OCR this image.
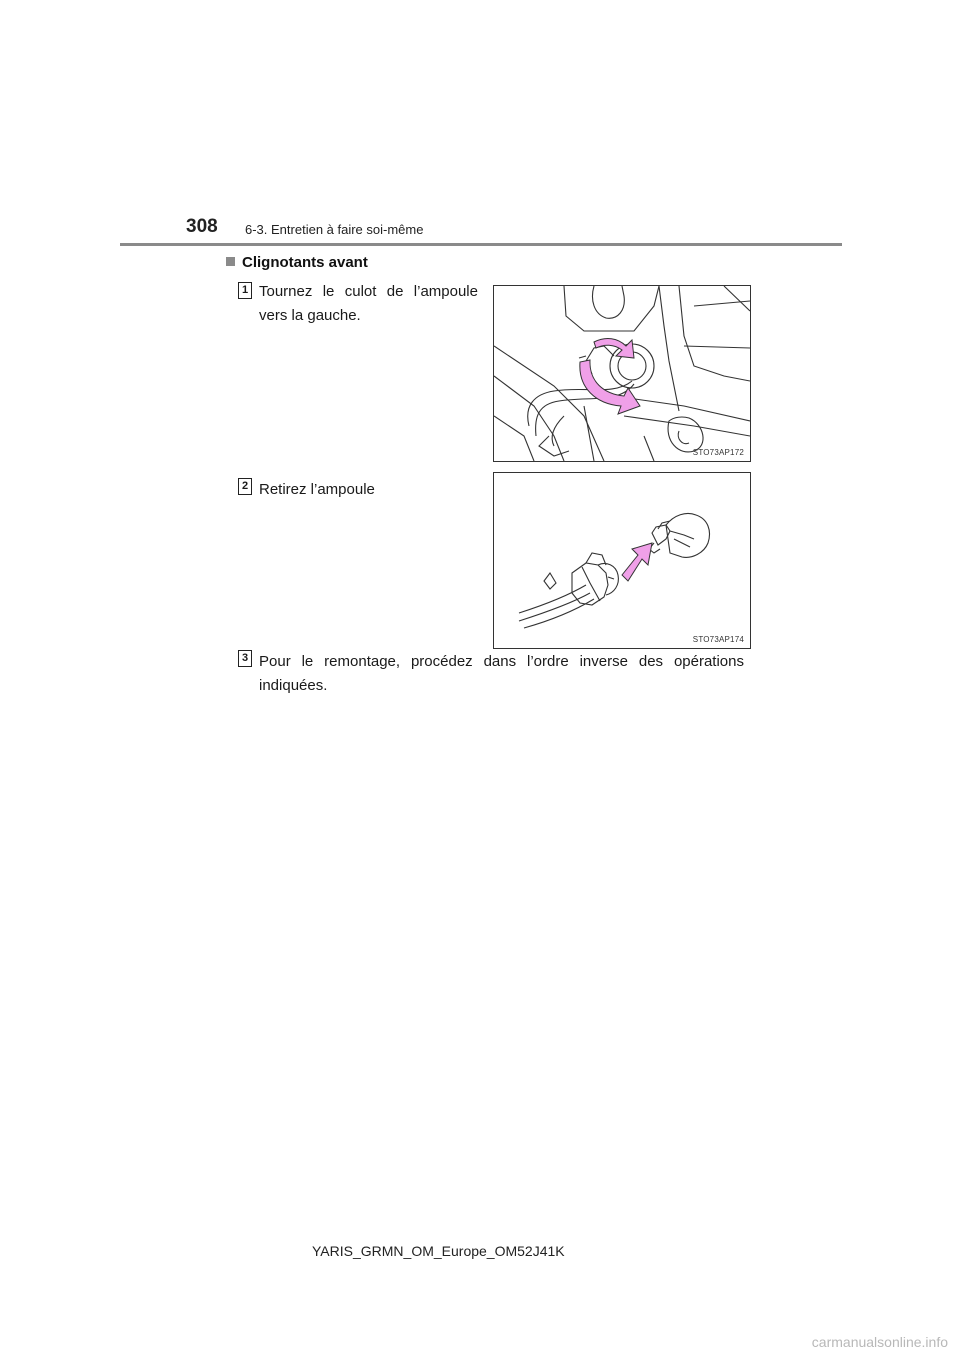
308 6-3. Entretien à faire soi-même
Clignotants avant
1 Tournez le culot de l’ampoule vers la gauche.
STO73AP172
2 Retirez l’ampoule
STO73AP174
3 Pour le remontage, procédez dans l’ordre inverse des opérations indiquées.
YARIS_GRMN_OM_Europe_OM52J41K
carmanualsonline.info
